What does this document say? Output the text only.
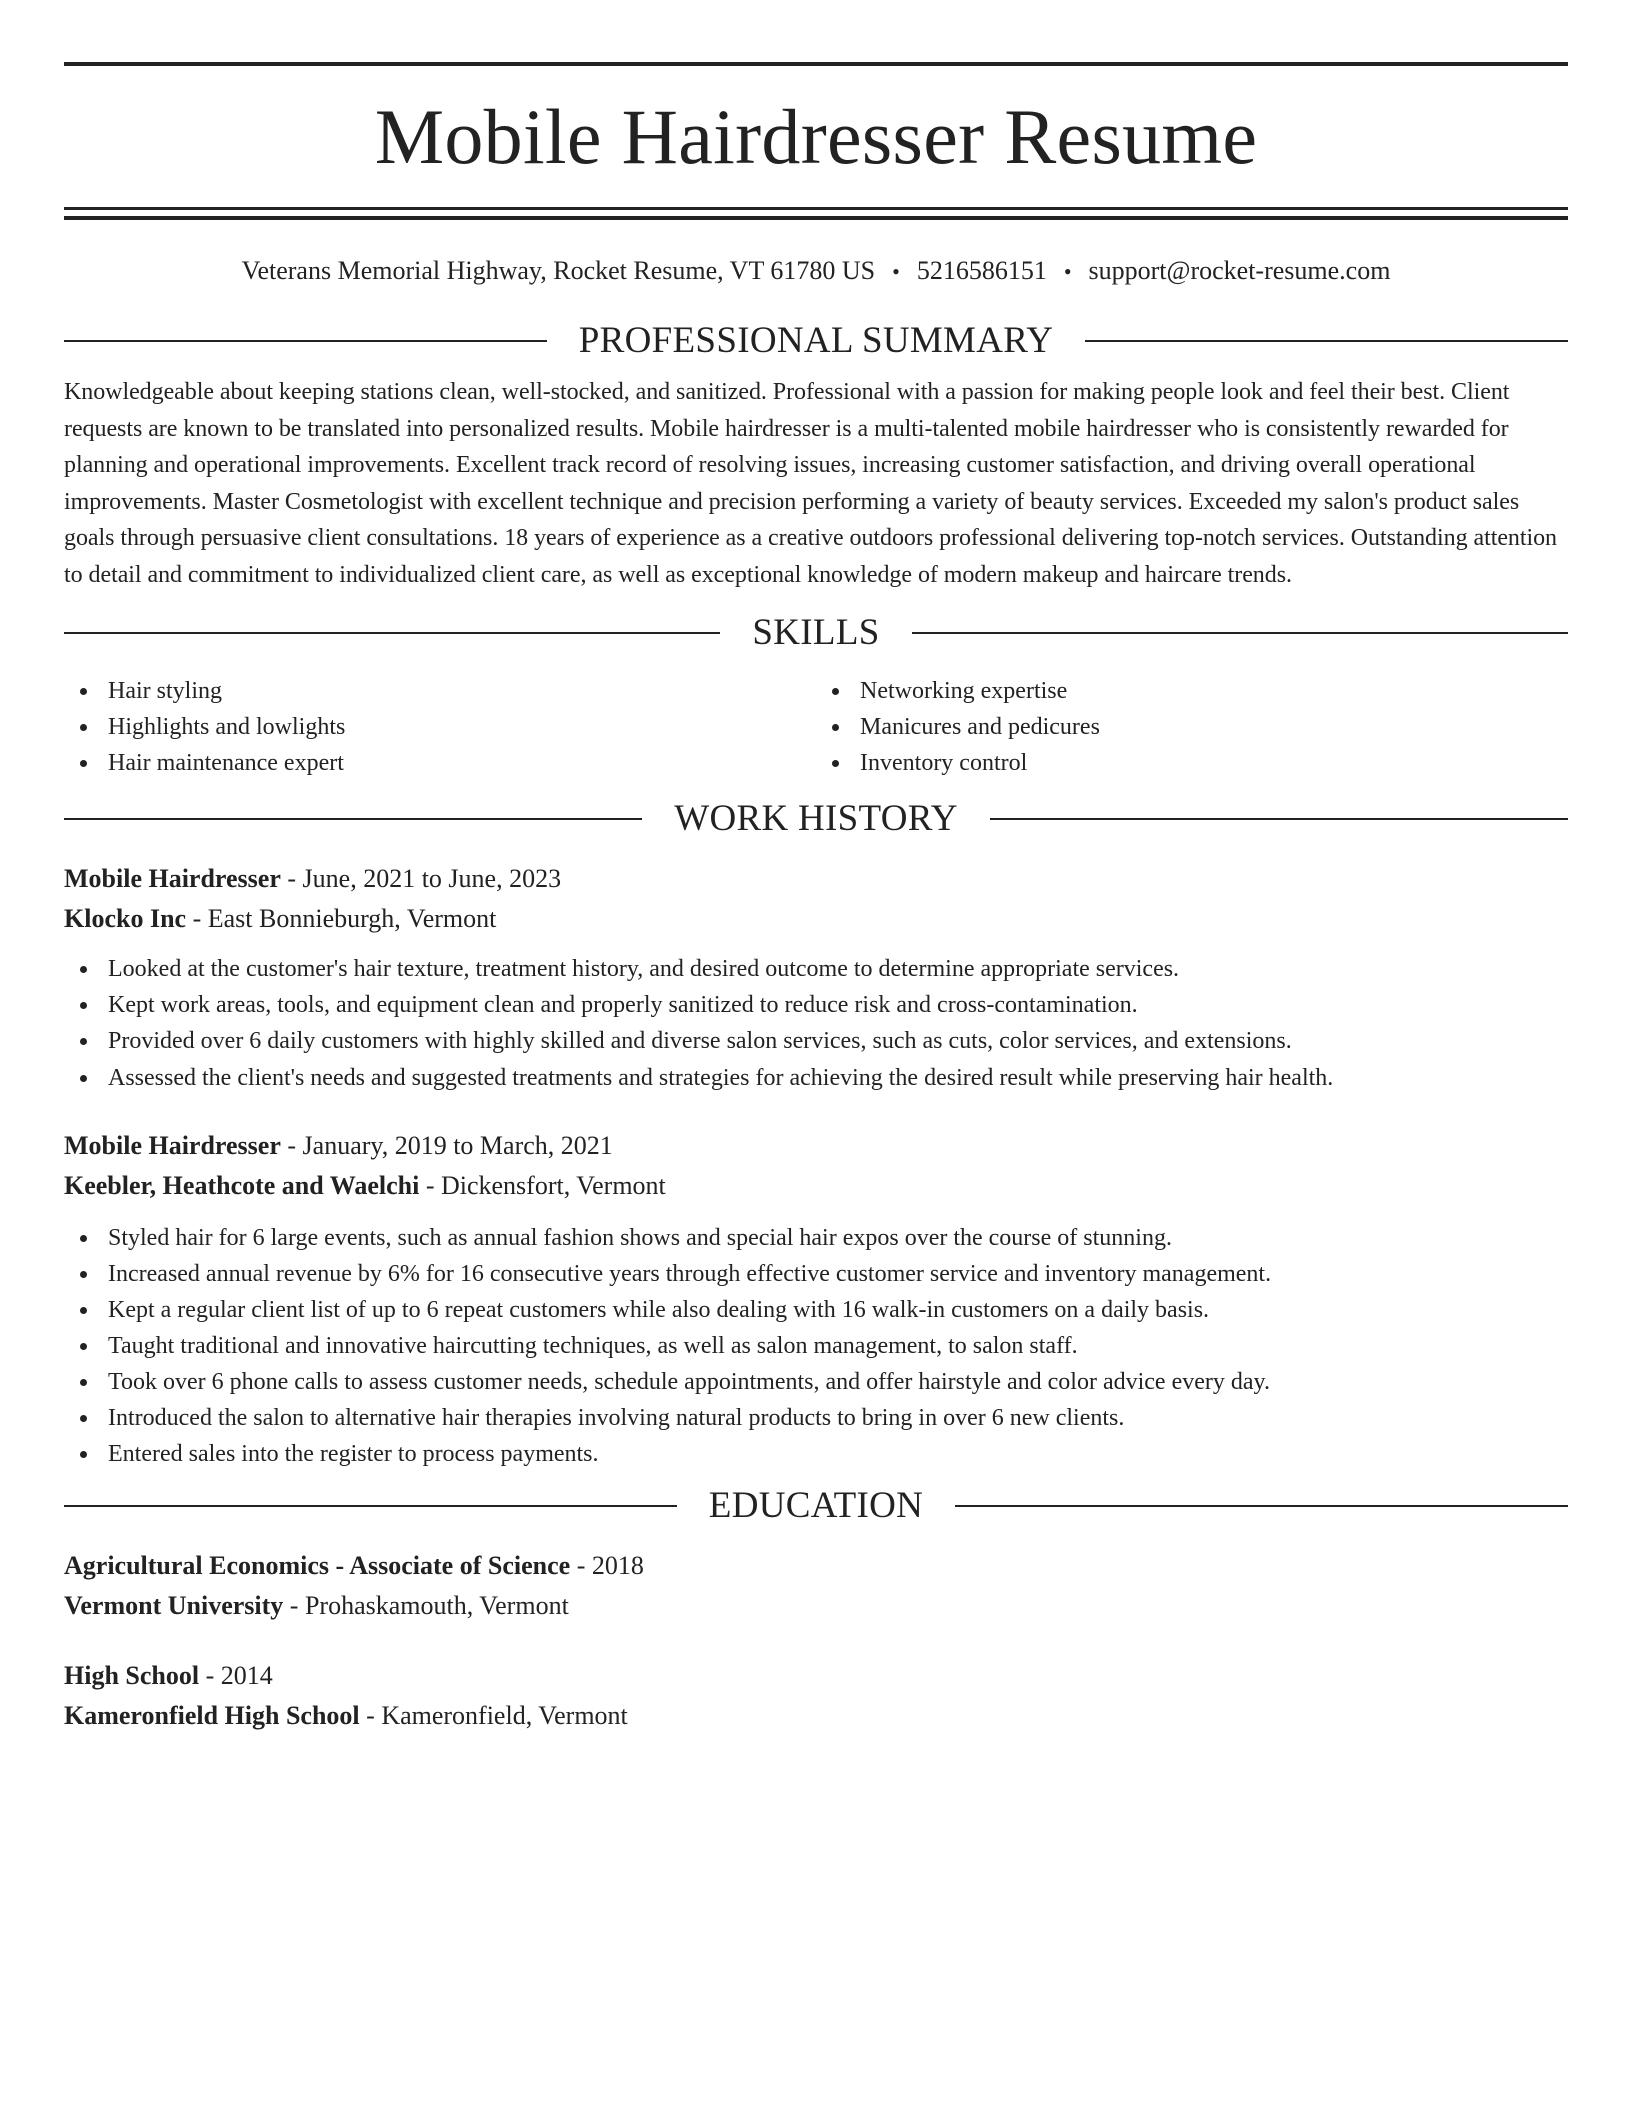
Mobile Hairdresser Resume
Veterans Memorial Highway, Rocket Resume, VT 61780 US • 5216586151 • support@rocket-resume.com
PROFESSIONAL SUMMARY
Knowledgeable about keeping stations clean, well-stocked, and sanitized. Professional with a passion for making people look and feel their best. Client requests are known to be translated into personalized results. Mobile hairdresser is a multi-talented mobile hairdresser who is consistently rewarded for planning and operational improvements. Excellent track record of resolving issues, increasing customer satisfaction, and driving overall operational improvements. Master Cosmetologist with excellent technique and precision performing a variety of beauty services. Exceeded my salon's product sales goals through persuasive client consultations. 18 years of experience as a creative outdoors professional delivering top-notch services. Outstanding attention to detail and commitment to individualized client care, as well as exceptional knowledge of modern makeup and haircare trends.
SKILLS
Hair styling
Highlights and lowlights
Hair maintenance expert
Networking expertise
Manicures and pedicures
Inventory control
WORK HISTORY
Mobile Hairdresser - June, 2021 to June, 2023
Klocko Inc - East Bonnieburgh, Vermont
Looked at the customer's hair texture, treatment history, and desired outcome to determine appropriate services.
Kept work areas, tools, and equipment clean and properly sanitized to reduce risk and cross-contamination.
Provided over 6 daily customers with highly skilled and diverse salon services, such as cuts, color services, and extensions.
Assessed the client's needs and suggested treatments and strategies for achieving the desired result while preserving hair health.
Mobile Hairdresser - January, 2019 to March, 2021
Keebler, Heathcote and Waelchi - Dickensfort, Vermont
Styled hair for 6 large events, such as annual fashion shows and special hair expos over the course of stunning.
Increased annual revenue by 6% for 16 consecutive years through effective customer service and inventory management.
Kept a regular client list of up to 6 repeat customers while also dealing with 16 walk-in customers on a daily basis.
Taught traditional and innovative haircutting techniques, as well as salon management, to salon staff.
Took over 6 phone calls to assess customer needs, schedule appointments, and offer hairstyle and color advice every day.
Introduced the salon to alternative hair therapies involving natural products to bring in over 6 new clients.
Entered sales into the register to process payments.
EDUCATION
Agricultural Economics - Associate of Science - 2018
Vermont University - Prohaskamouth, Vermont
High School - 2014
Kameronfield High School - Kameronfield, Vermont
